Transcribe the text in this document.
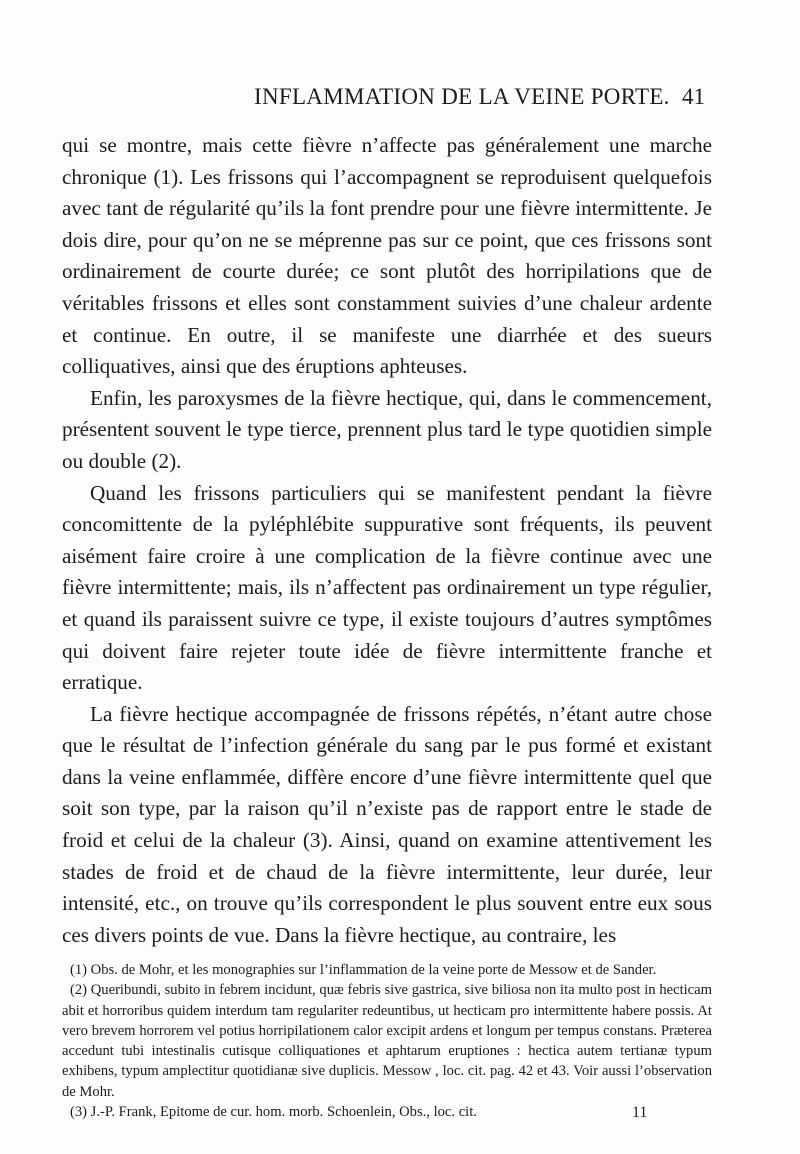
INFLAMMATION DE LA VEINE PORTE. 41

qui se montre, mais cette fièvre n’affecte pas généralement une marche chronique (1). Les frissons qui l’accompagnent se reproduisent quelquefois avec tant de régularité qu’ils la font prendre pour une fièvre intermittente. Je dois dire, pour qu’on ne se méprenne pas sur ce point, que ces frissons sont ordinairement de courte durée; ce sont plutôt des horripilations que de véritables frissons et elles sont constamment suivies d’une chaleur ardente et continue. En outre, il se manifeste une diarrhée et des sueurs colliquatives, ainsi que des éruptions aphteuses.

Enfin, les paroxysmes de la fièvre hectique, qui, dans le commencement, présentent souvent le type tierce, prennent plus tard le type quotidien simple ou double (2).

Quand les frissons particuliers qui se manifestent pendant la fièvre concomittente de la pyléphlébite suppurative sont fréquents, ils peuvent aisément faire croire à une complication de la fièvre continue avec une fièvre intermittente; mais, ils n’affectent pas ordinairement un type régulier, et quand ils paraissent suivre ce type, il existe toujours d’autres symptômes qui doivent faire rejeter toute idée de fièvre intermittente franche et erratique.

La fièvre hectique accompagnée de frissons répétés, n’étant autre chose que le résultat de l’infection générale du sang par le pus formé et existant dans la veine enflammée, diffère encore d’une fièvre intermittente quel que soit son type, par la raison qu’il n’existe pas de rapport entre le stade de froid et celui de la chaleur (3). Ainsi, quand on examine attentivement les stades de froid et de chaud de la fièvre intermittente, leur durée, leur intensité, etc., on trouve qu’ils correspondent le plus souvent entre eux sous ces divers points de vue. Dans la fièvre hectique, au contraire, les

(1) Obs. de Mohr, et les monographies sur l’inflammation de la veine porte de Messow et de Sander.

(2) Queribundi, subito in febrem incidunt, quæ febris sive gastrica, sive biliosa non ita multo post in hecticam abit et horroribus quidem interdum tam regulariter redeuntibus, ut hecticam pro intermittente habere possis. At vero brevem horrorem vel potius horripilationem calor excipit ardens et longum per tempus constans. Præterea accedunt tubi intestinalis cutisque colliquationes et aphtarum eruptiones : hectica autem tertianæ typum exhibens, typum amplectitur quotidianæ sive duplicis. Messow , loc. cit. pag. 42 et 43. Voir aussi l’observation de Mohr.

(3) J.-P. Frank, Epitome de cur. hom. morb. Schoenlein, Obs., loc. cit.	11
